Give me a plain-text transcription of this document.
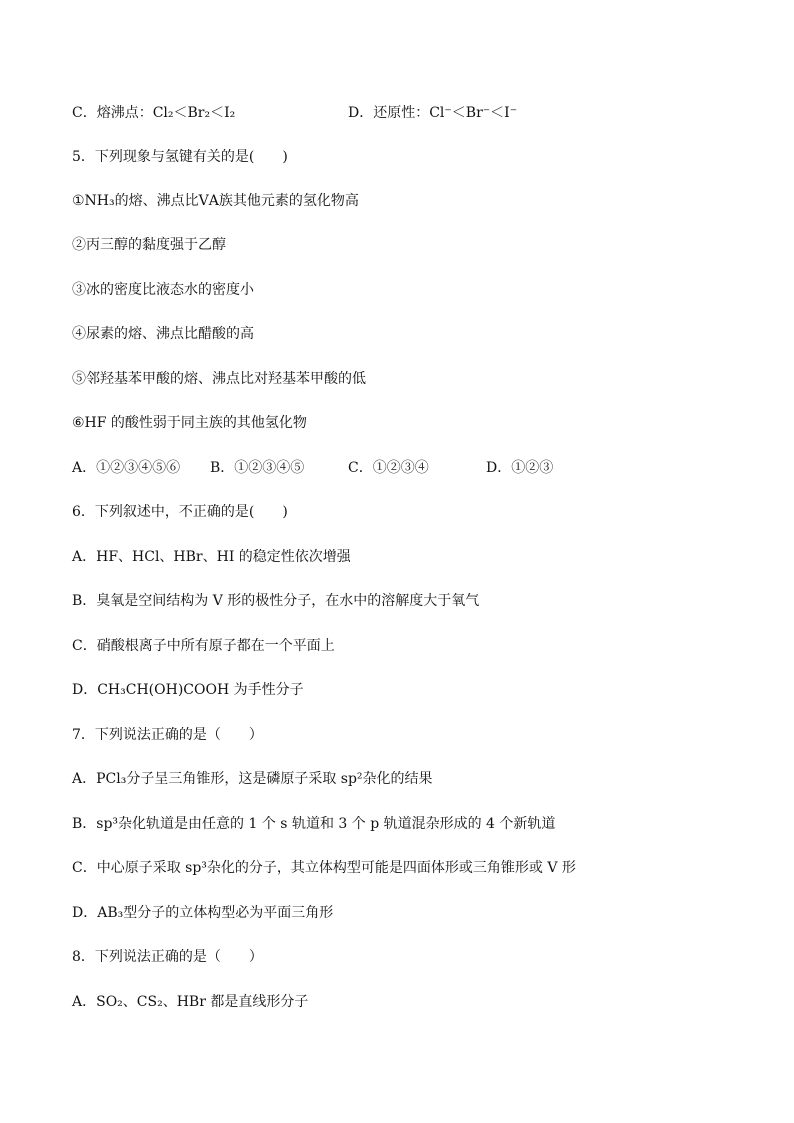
C．熔沸点：Cl₂＜Br₂＜I₂	D．还原性：Cl⁻＜Br⁻＜I⁻
5．下列现象与氢键有关的是(　　)
①NH₃的熔、沸点比ⅤA族其他元素的氢化物高
②丙三醇的黏度强于乙醇
③冰的密度比液态水的密度小
④尿素的熔、沸点比醋酸的高
⑤邻羟基苯甲酸的熔、沸点比对羟基苯甲酸的低
⑥HF 的酸性弱于同主族的其他氢化物
A．①②③④⑤⑥ B．①②③④⑤	C．①②③④	D．①②③
6．下列叙述中，不正确的是(　　)
A．HF、HCl、HBr、HI 的稳定性依次增强
B．臭氧是空间结构为 V 形的极性分子，在水中的溶解度大于氧气
C．硝酸根离子中所有原子都在一个平面上
D．CH₃CH(OH)COOH 为手性分子
7．下列说法正确的是（　　）
A．PCl₃分子呈三角锥形，这是磷原子采取 sp²杂化的结果
B．sp³杂化轨道是由任意的 1 个 s 轨道和 3 个 p 轨道混杂形成的 4 个新轨道
C．中心原子采取 sp³杂化的分子，其立体构型可能是四面体形或三角锥形或 V 形
D．AB₃型分子的立体构型必为平面三角形
8．下列说法正确的是（　　）
A．SO₂、CS₂、HBr 都是直线形分子
